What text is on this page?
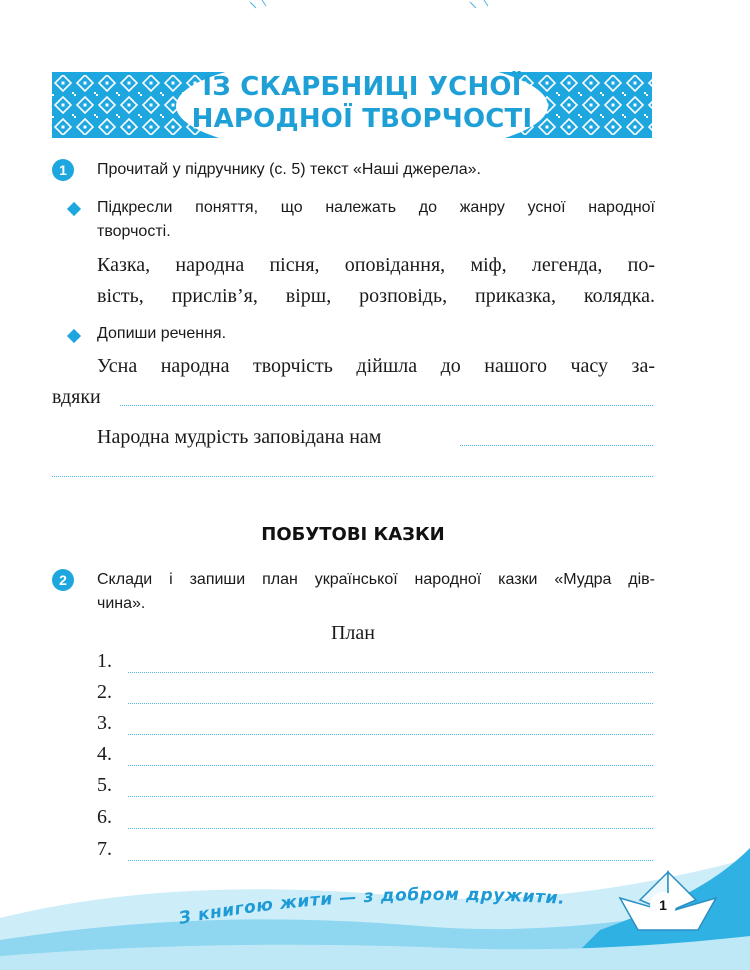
ІЗ СКАРБНИЦІ УСНОЇ
НАРОДНОЇ ТВОРЧОСТІ
1	Прочитай у підручнику (с. 5) текст «Наші джерела».
Підкресли поняття, що належать до жанру усної народної
творчості.
Казка, народна пісня, оповідання, міф, легенда, по-
вість, прислів’я, вірш, розповідь, приказка, колядка.
Допиши речення.
Усна народна творчість дійшла до нашого часу за-
вдяки
Народна мудрість заповідана нам
ПОБУТОВІ КАЗКИ
2	Склади і запиши план української народної казки «Мудра дів-
чина».
План
1.
2.
3.
4.
5.
6.
7.
1
З книгою жити — з добром дружити.
